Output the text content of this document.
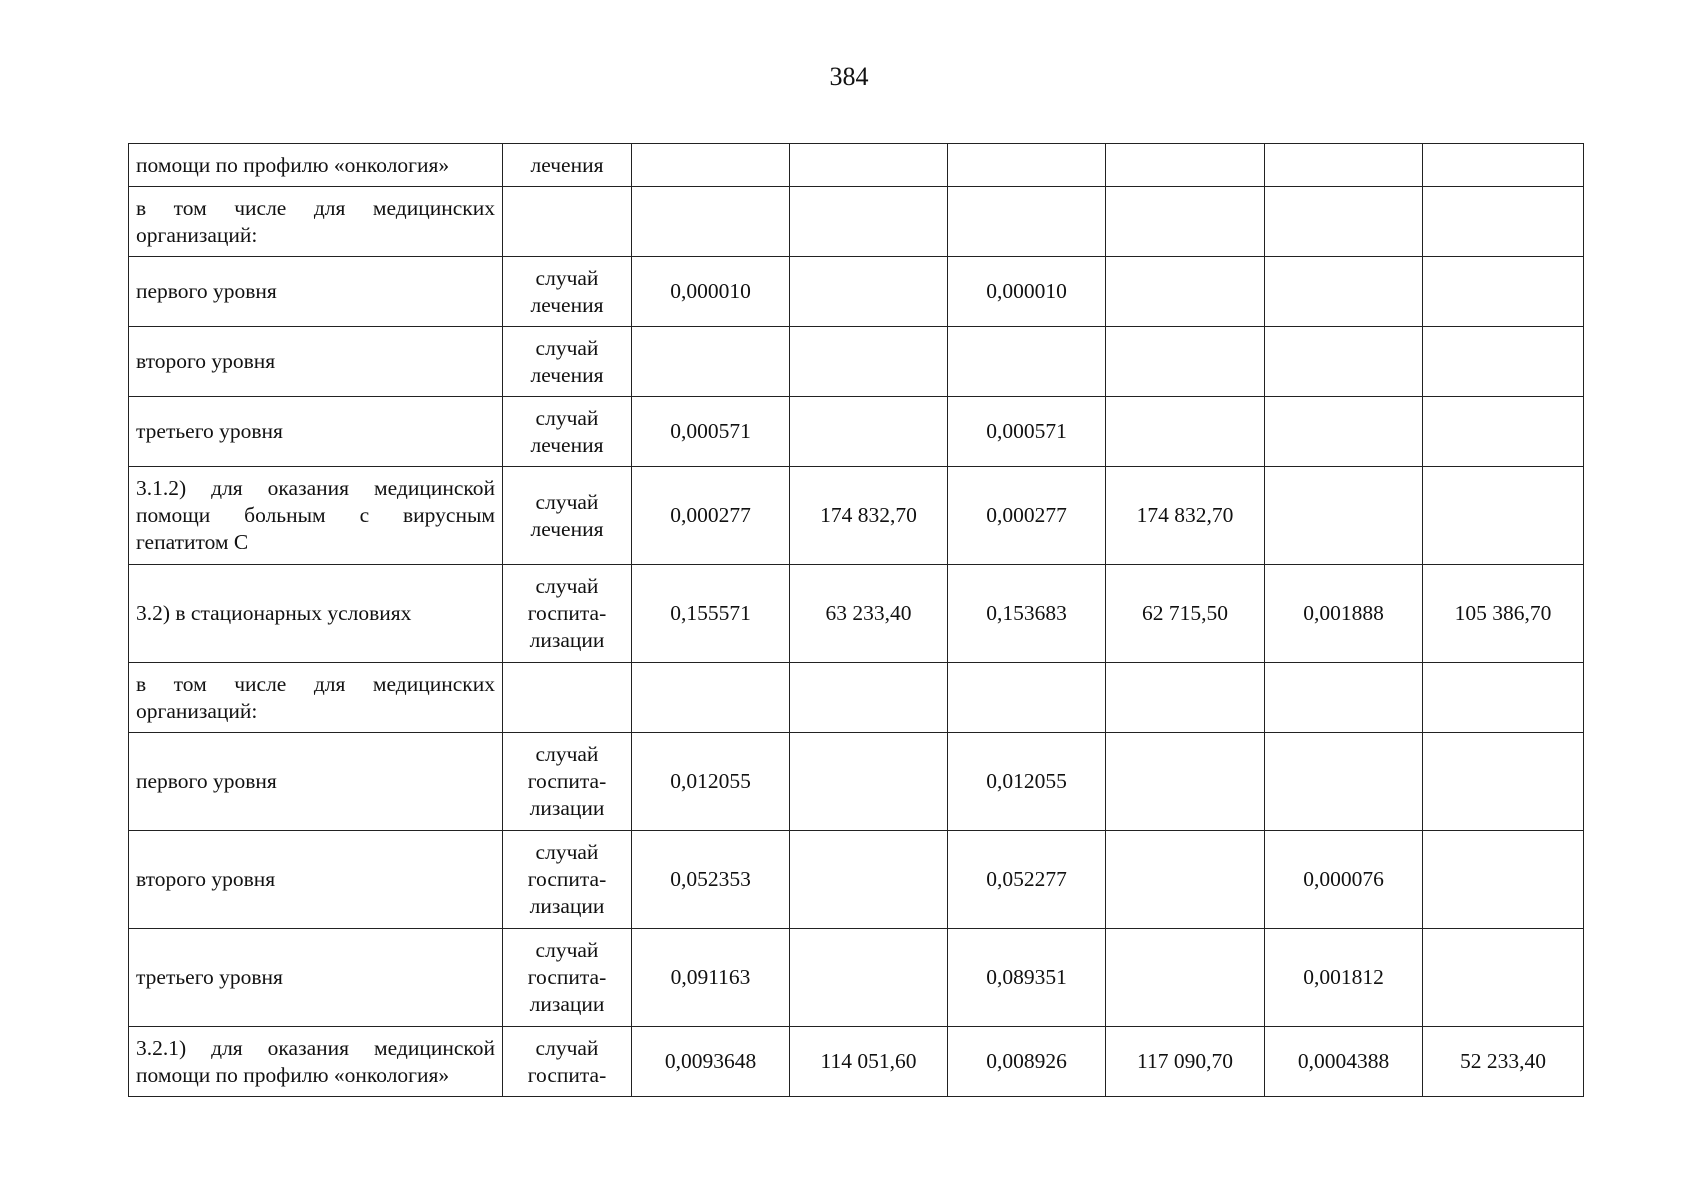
384
помощи по профилю «онкология»	лечения						

в том числе для медицинских организаций:							

первого уровня	случай лечения	0,000010		0,000010			

второго уровня	случай лечения						

третьего уровня	случай лечения	0,000571		0,000571			

3.1.2) для оказания медицинской помощи больным с вирусным гепатитом С	случай лечения	0,000277	174 832,70	0,000277	174 832,70		

3.2) в стационарных условиях	случай госпита-лизации	0,155571	63 233,40	0,153683	62 715,50	0,001888	105 386,70

в том числе для медицинских организаций:							

первого уровня	случай госпита-лизации	0,012055		0,012055			

второго уровня	случай госпита-лизации	0,052353		0,052277		0,000076	

третьего уровня	случай госпита-лизации	0,091163		0,089351		0,001812	

3.2.1) для оказания медицинской помощи по профилю «онкология»	случай госпита-	0,0093648	114 051,60	0,008926	117 090,70	0,0004388	52 233,40
